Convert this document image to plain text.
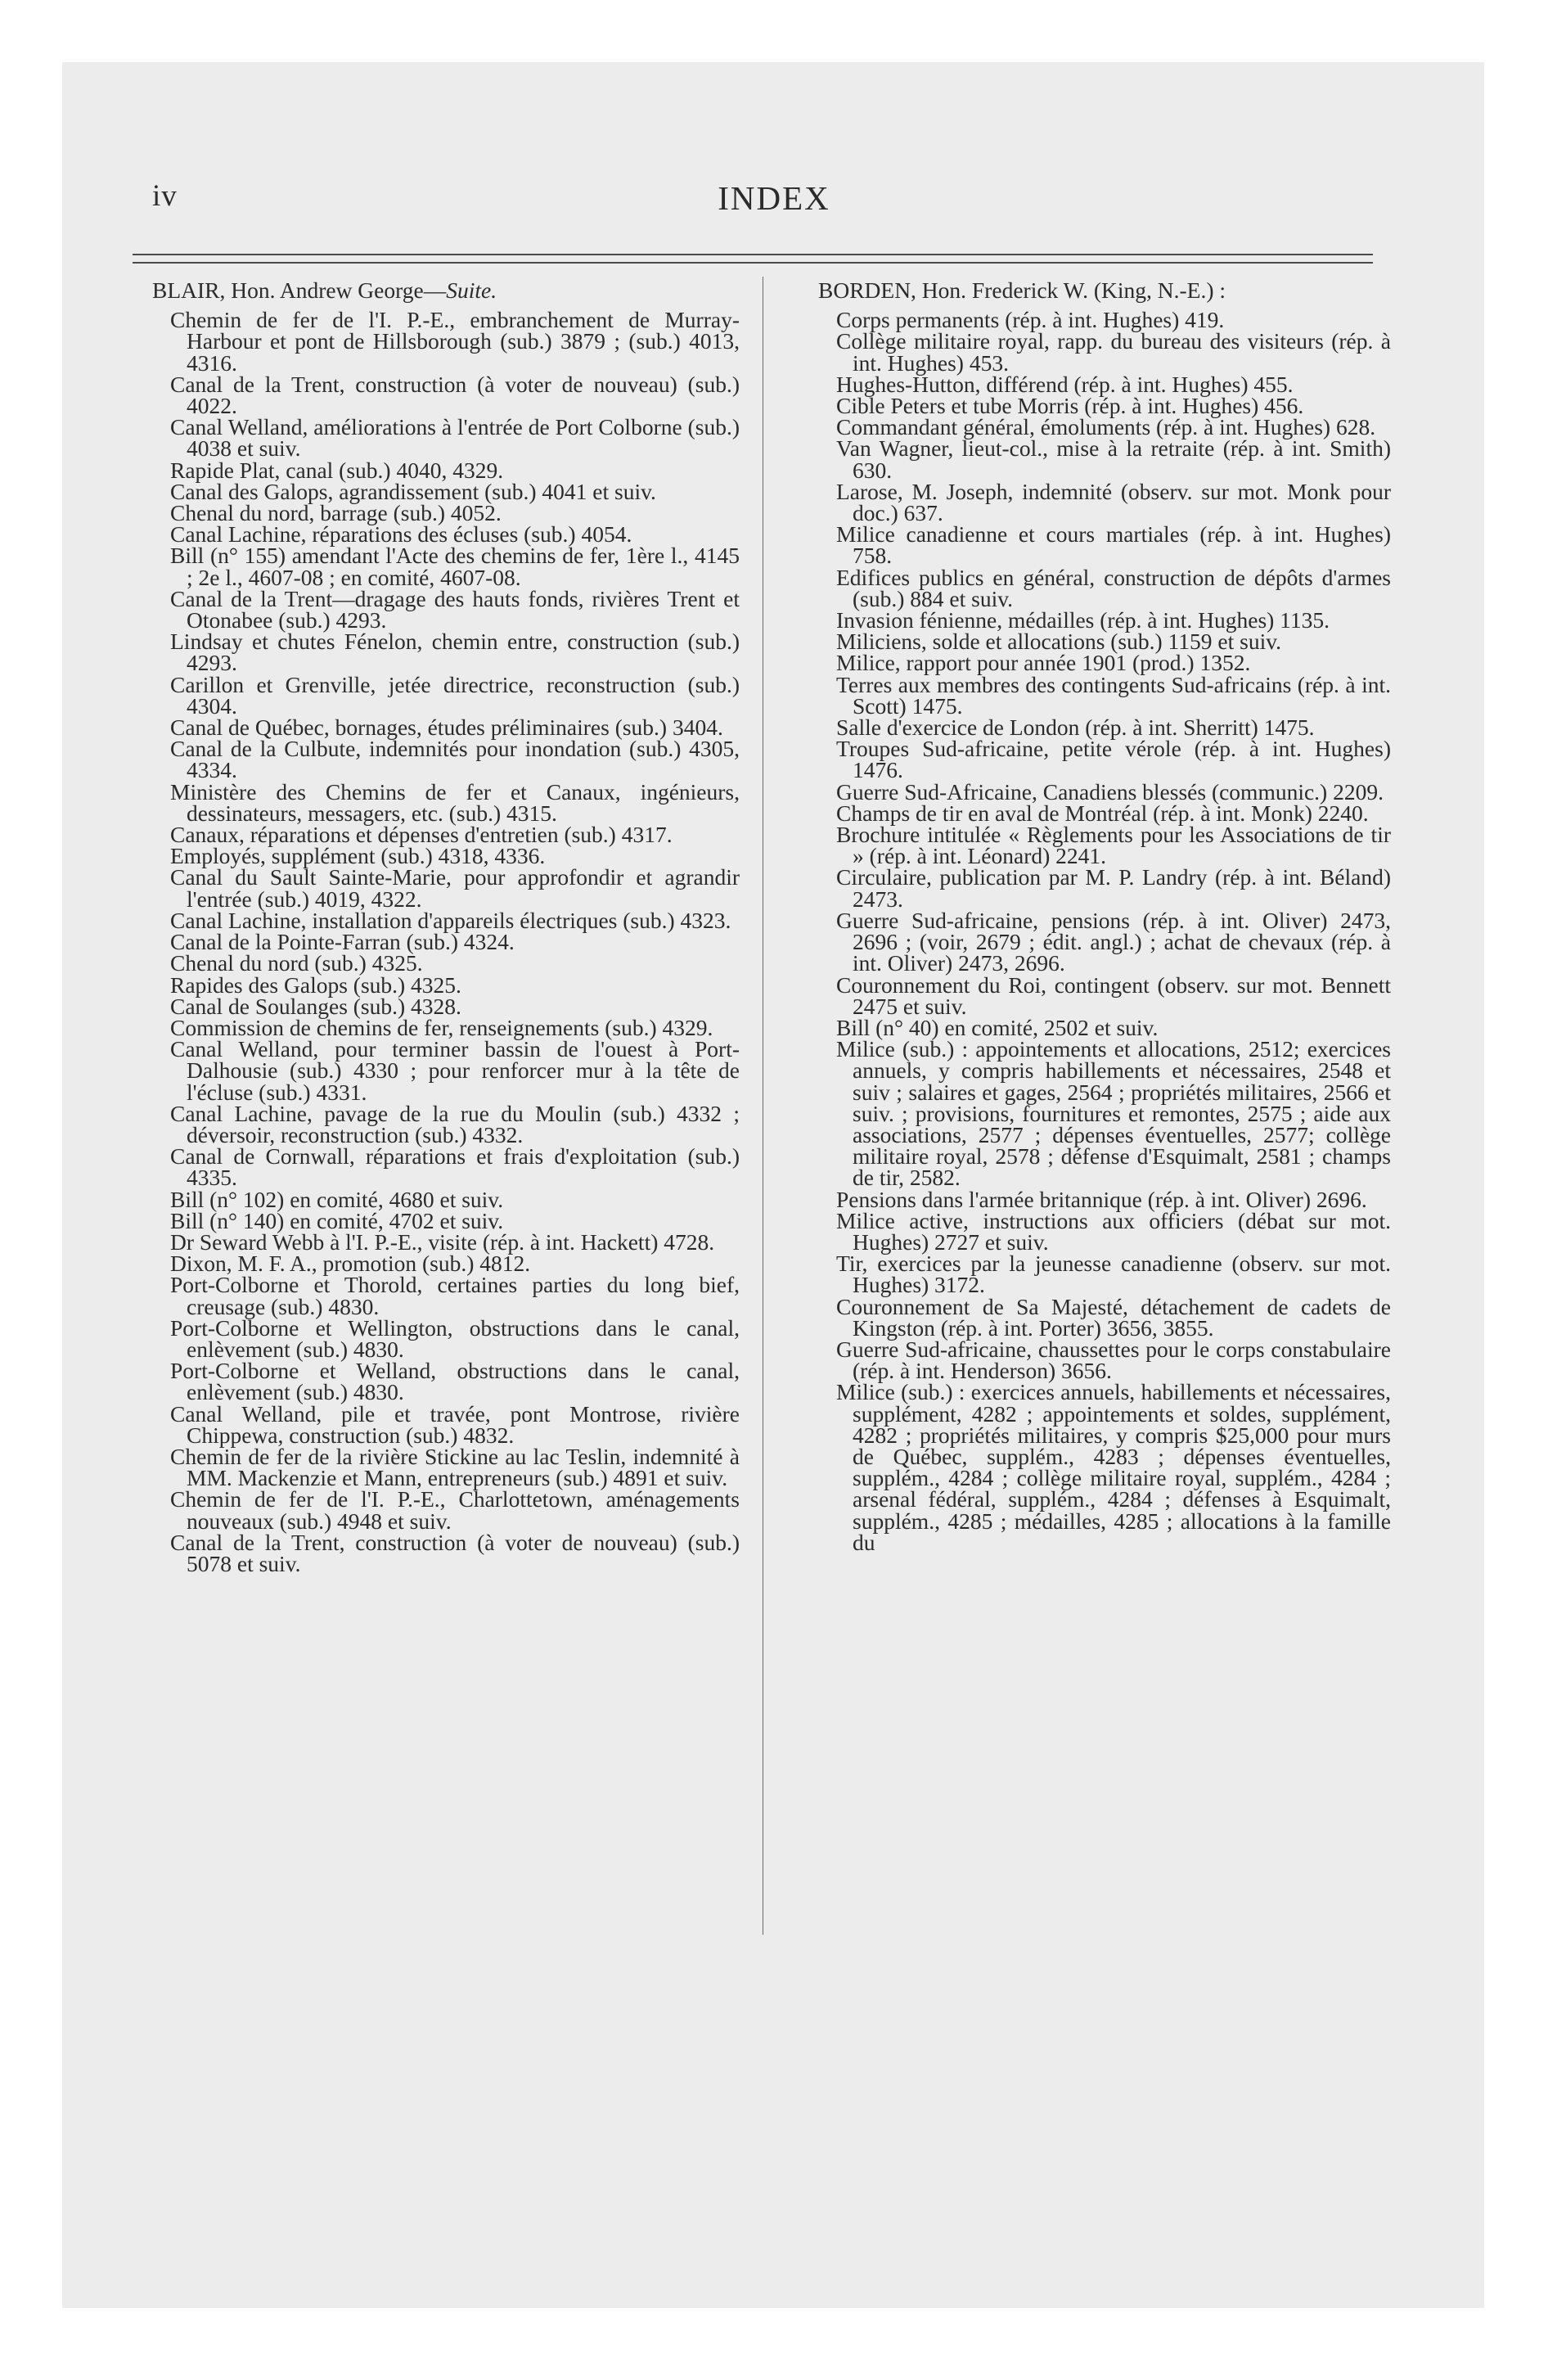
iv	INDEX

BLAIR, Hon. Andrew George—Suite.

Chemin de fer de l'I. P.-E., embranchement de Murray-Harbour et pont de Hillsborough (sub.) 3879 ; (sub.) 4013, 4316.

Canal de la Trent, construction (à voter de nouveau) (sub.) 4022.

Canal Welland, améliorations à l'entrée de Port Colborne (sub.) 4038 et suiv.

Rapide Plat, canal (sub.) 4040, 4329.

Canal des Galops, agrandissement (sub.) 4041 et suiv.

Chenal du nord, barrage (sub.) 4052.

Canal Lachine, réparations des écluses (sub.) 4054.

Bill (n° 155) amendant l'Acte des chemins de fer, 1ère l., 4145 ; 2e l., 4607-08 ; en comité, 4607-08.

Canal de la Trent—dragage des hauts fonds, rivières Trent et Otonabee (sub.) 4293.

Lindsay et chutes Fénelon, chemin entre, construction (sub.) 4293.

Carillon et Grenville, jetée directrice, reconstruction (sub.) 4304.

Canal de Québec, bornages, études préliminaires (sub.) 3404.

Canal de la Culbute, indemnités pour inondation (sub.) 4305, 4334.

Ministère des Chemins de fer et Canaux, ingénieurs, dessinateurs, messagers, etc. (sub.) 4315.

Canaux, réparations et dépenses d'entretien (sub.) 4317.

Employés, supplément (sub.) 4318, 4336.

Canal du Sault Sainte-Marie, pour approfondir et agrandir l'entrée (sub.) 4019, 4322.

Canal Lachine, installation d'appareils électriques (sub.) 4323.

Canal de la Pointe-Farran (sub.) 4324.

Chenal du nord (sub.) 4325.

Rapides des Galops (sub.) 4325.

Canal de Soulanges (sub.) 4328.

Commission de chemins de fer, renseignements (sub.) 4329.

Canal Welland, pour terminer bassin de l'ouest à Port-Dalhousie (sub.) 4330 ; pour renforcer mur à la tête de l'écluse (sub.) 4331.

Canal Lachine, pavage de la rue du Moulin (sub.) 4332 ; déversoir, reconstruction (sub.) 4332.

Canal de Cornwall, réparations et frais d'exploitation (sub.) 4335.

Bill (n° 102) en comité, 4680 et suiv.

Bill (n° 140) en comité, 4702 et suiv.

Dr Seward Webb à l'I. P.-E., visite (rép. à int. Hackett) 4728.

Dixon, M. F. A., promotion (sub.) 4812.

Port-Colborne et Thorold, certaines parties du long bief, creusage (sub.) 4830.

Port-Colborne et Wellington, obstructions dans le canal, enlèvement (sub.) 4830.

Port-Colborne et Welland, obstructions dans le canal, enlèvement (sub.) 4830.

Canal Welland, pile et travée, pont Montrose, rivière Chippewa, construction (sub.) 4832.

Chemin de fer de la rivière Stickine au lac Teslin, indemnité à MM. Mackenzie et Mann, entrepreneurs (sub.) 4891 et suiv.

Chemin de fer de l'I. P.-E., Charlottetown, aménagements nouveaux (sub.) 4948 et suiv.

Canal de la Trent, construction (à voter de nouveau) (sub.) 5078 et suiv.

BORDEN, Hon. Frederick W. (King, N.-E.) :

Corps permanents (rép. à int. Hughes) 419.

Collège militaire royal, rapp. du bureau des visiteurs (rép. à int. Hughes) 453.

Hughes-Hutton, différend (rép. à int. Hughes) 455.

Cible Peters et tube Morris (rép. à int. Hughes) 456.

Commandant général, émoluments (rép. à int. Hughes) 628.

Van Wagner, lieut-col., mise à la retraite (rép. à int. Smith) 630.

Larose, M. Joseph, indemnité (observ. sur mot. Monk pour doc.) 637.

Milice canadienne et cours martiales (rép. à int. Hughes) 758.

Edifices publics en général, construction de dépôts d'armes (sub.) 884 et suiv.

Invasion fénienne, médailles (rép. à int. Hughes) 1135.

Miliciens, solde et allocations (sub.) 1159 et suiv.

Milice, rapport pour année 1901 (prod.) 1352.

Terres aux membres des contingents Sud-africains (rép. à int. Scott) 1475.

Salle d'exercice de London (rép. à int. Sherritt) 1475.

Troupes Sud-africaine, petite vérole (rép. à int. Hughes) 1476.

Guerre Sud-Africaine, Canadiens blessés (communic.) 2209.

Champs de tir en aval de Montréal (rép. à int. Monk) 2240.

Brochure intitulée « Règlements pour les Associations de tir » (rép. à int. Léonard) 2241.

Circulaire, publication par M. P. Landry (rép. à int. Béland) 2473.

Guerre Sud-africaine, pensions (rép. à int. Oliver) 2473, 2696 ; (voir, 2679 ; édit. angl.) ; achat de chevaux (rép. à int. Oliver) 2473, 2696.

Couronnement du Roi, contingent (observ. sur mot. Bennett 2475 et suiv.

Bill (n° 40) en comité, 2502 et suiv.

Milice (sub.) : appointements et allocations, 2512; exercices annuels, y compris habillements et nécessaires, 2548 et suiv ; salaires et gages, 2564 ; propriétés militaires, 2566 et suiv. ; provisions, fournitures et remontes, 2575 ; aide aux associations, 2577 ; dépenses éventuelles, 2577; collège militaire royal, 2578 ; défense d'Esquimalt, 2581 ; champs de tir, 2582.

Pensions dans l'armée britannique (rép. à int. Oliver) 2696.

Milice active, instructions aux officiers (débat sur mot. Hughes) 2727 et suiv.

Tir, exercices par la jeunesse canadienne (observ. sur mot. Hughes) 3172.

Couronnement de Sa Majesté, détachement de cadets de Kingston (rép. à int. Porter) 3656, 3855.

Guerre Sud-africaine, chaussettes pour le corps constabulaire (rép. à int. Henderson) 3656.

Milice (sub.) : exercices annuels, habillements et nécessaires, supplément, 4282 ; appointements et soldes, supplément, 4282 ; propriétés militaires, y compris $25,000 pour murs de Québec, supplém., 4283 ; dépenses éventuelles, supplém., 4284 ; collège militaire royal, supplém., 4284 ; arsenal fédéral, supplém., 4284 ; défenses à Esquimalt, supplém., 4285 ; médailles, 4285 ; allocations à la famille du
